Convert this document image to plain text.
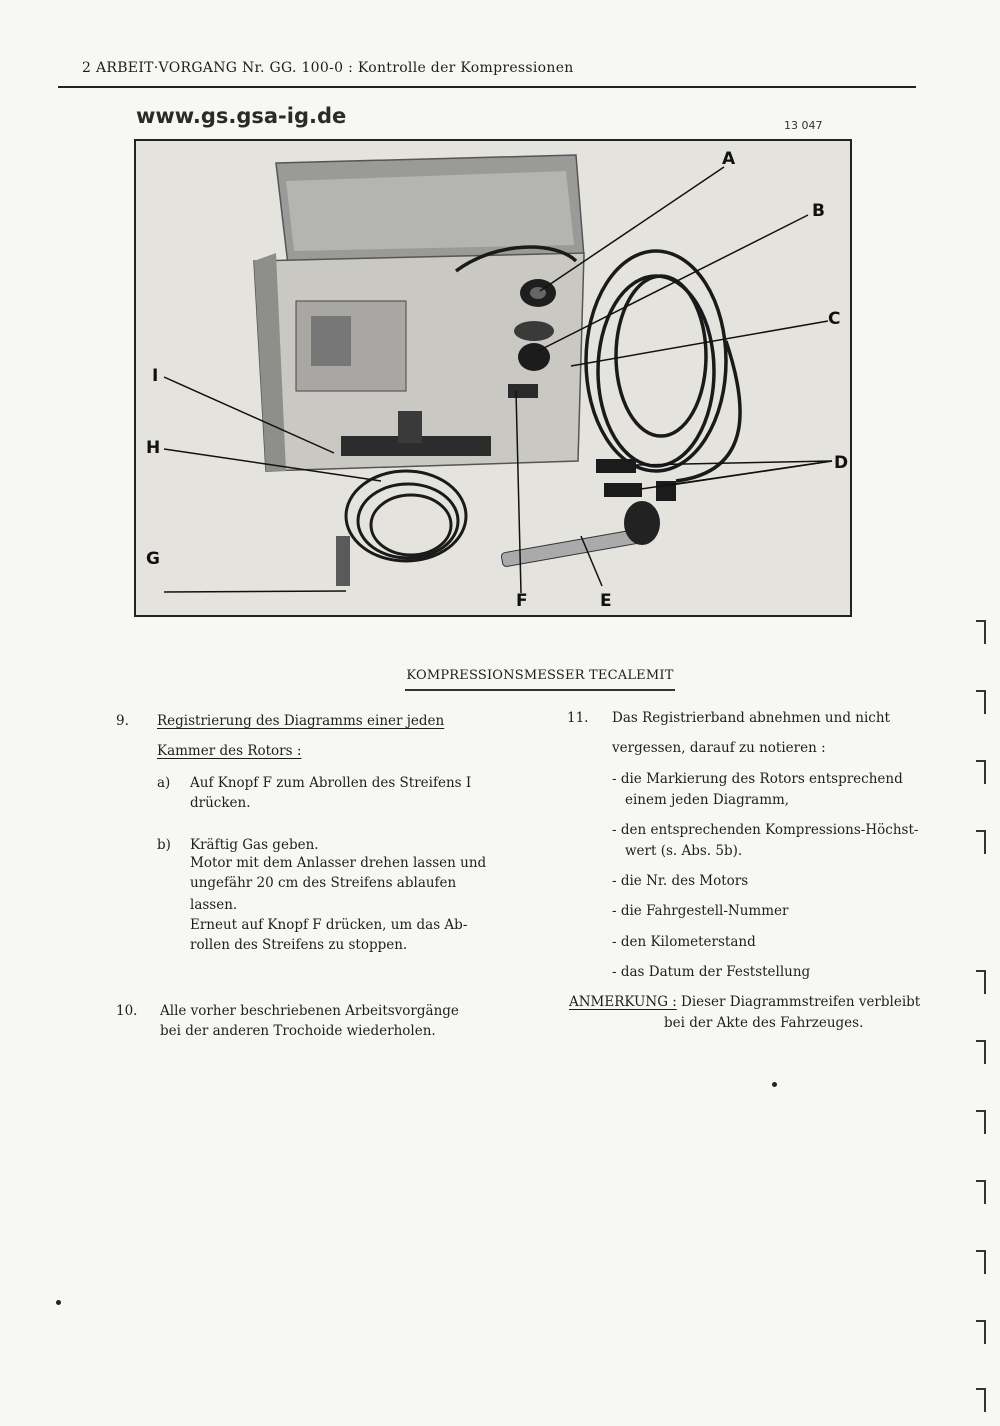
2 ARBEIT·VORGANG Nr. GG. 100-0 : Kontrolle der Kompressionen
www.gs.gsa-ig.de	13 047
A
B
C
D
E
F
G
H
I
KOMPRESSIONSMESSER TECALEMIT
9. Registrierung des Diagramms einer jeden
Kammer des Rotors :
a) Auf Knopf F zum Abrollen des Streifens I
drücken.
b) Kräftig Gas geben.
Motor mit dem Anlasser drehen lassen und
ungefähr 20 cm des Streifens ablaufen
lassen.
Erneut auf Knopf F drücken, um das Ab-
rollen des Streifens zu stoppen.
10. Alle vorher beschriebenen Arbeitsvorgänge
bei der anderen Trochoide wiederholen.
11. Das Registrierband abnehmen und nicht
vergessen, darauf zu notieren :
- die Markierung des Rotors entsprechend
einem jeden Diagramm,
- den entsprechenden Kompressions-Höchst-
wert (s. Abs. 5b).
- die Nr. des Motors
- die Fahrgestell-Nummer
- den Kilometerstand
- das Datum der Feststellung
ANMERKUNG : Dieser Diagrammstreifen verbleibt
bei der Akte des Fahrzeuges.
